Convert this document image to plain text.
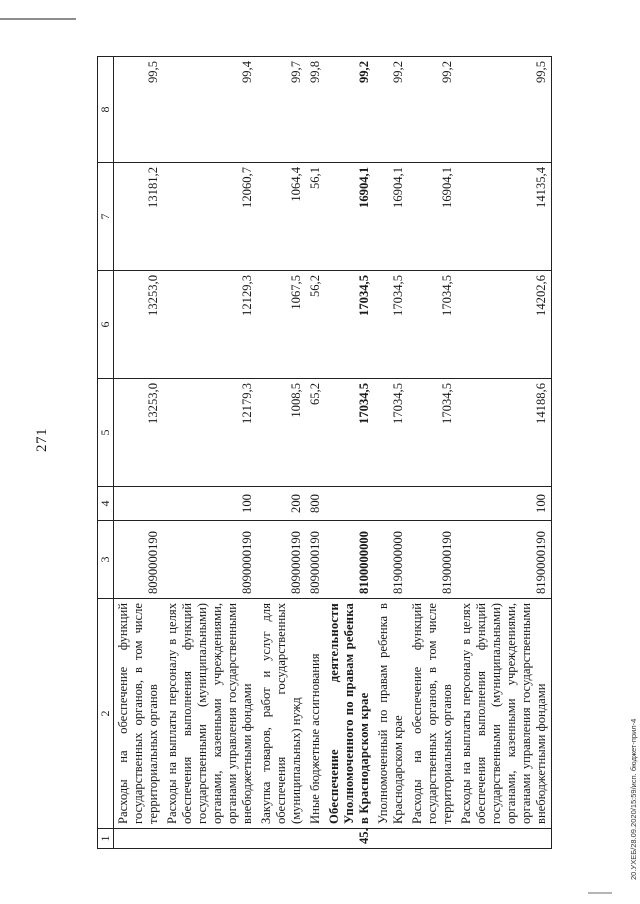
271
20.УХЕБ/28.09.2020/15:59/исп. бюджет-прил-4
1	2	3	4	5	6	7	8
	Расходы на обеспечение функций государственных органов, в том числе территориальных органов	8090000190		13253,0	13253,0	13181,2	99,5
	Расходы на выплаты персоналу в целях обеспечения выполнения функций государственными (муниципальными) органами, казенными учреждениями, органами управления государственными внебюджетными фондами	8090000190	100	12179,3	12129,3	12060,7	99,4
	Закупка товаров, работ и услуг для обеспечения государственных (муниципальных) нужд	8090000190	200	1008,5	1067,5	1064,4	99,7
	Иные бюджетные ассигнования	8090000190	800	65,2	56,2	56,1	99,8
45.	Обеспечение деятельности Уполномоченного по правам ребенка в Краснодарском крае	8100000000		17034,5	17034,5	16904,1	99,2
	Уполномоченный по правам ребенка в Краснодарском крае	8190000000		17034,5	17034,5	16904,1	99,2
	Расходы на обеспечение функций государственных органов, в том числе территориальных органов	8190000190		17034,5	17034,5	16904,1	99,2
	Расходы на выплаты персоналу в целях обеспечения выполнения функций государственными (муниципальными) органами, казенными учреждениями, органами управления государственными внебюджетными фондами	8190000190	100	14188,6	14202,6	14135,4	99,5
